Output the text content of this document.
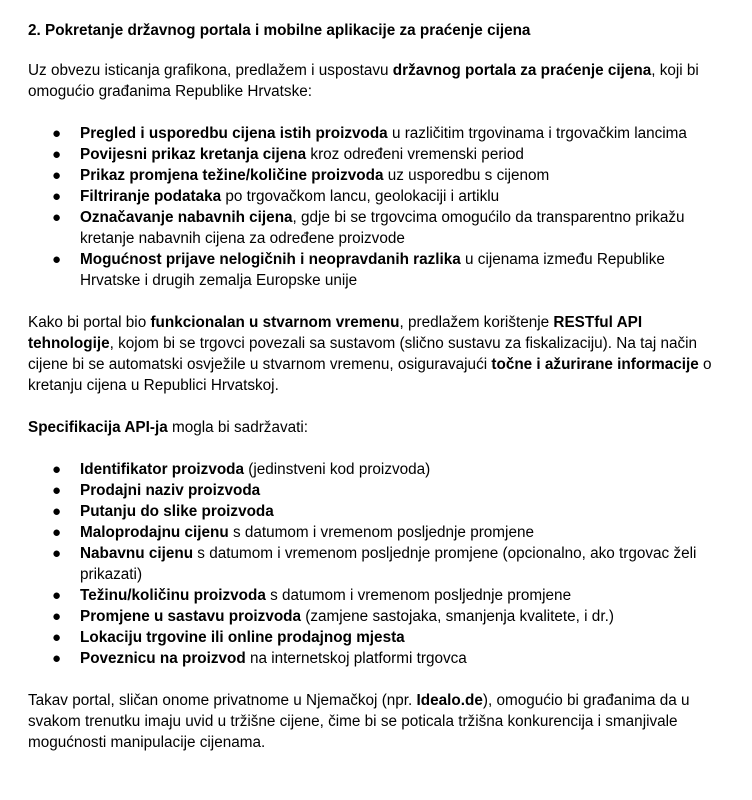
2. Pokretanje državnog portala i mobilne aplikacije za praćenje cijena

Uz obvezu isticanja grafikona, predlažem i uspostavu državnog portala za praćenje cijena, koji bi omogućio građanima Republike Hrvatske:

● Pregled i usporedbu cijena istih proizvoda u različitim trgovinama i trgovačkim lancima
● Povijesni prikaz kretanja cijena kroz određeni vremenski period
● Prikaz promjena težine/količine proizvoda uz usporedbu s cijenom
● Filtriranje podataka po trgovačkom lancu, geolokaciji i artiklu
● Označavanje nabavnih cijena, gdje bi se trgovcima omogućilo da transparentno prikažu kretanje nabavnih cijena za određene proizvode
● Mogućnost prijave nelogičnih i neopravdanih razlika u cijenama između Republike Hrvatske i drugih zemalja Europske unije

Kako bi portal bio funkcionalan u stvarnom vremenu, predlažem korištenje RESTful API tehnologije, kojom bi se trgovci povezali sa sustavom (slično sustavu za fiskalizaciju). Na taj način cijene bi se automatski osvježile u stvarnom vremenu, osiguravajući točne i ažurirane informacije o kretanju cijena u Republici Hrvatskoj.

Specifikacija API-ja mogla bi sadržavati:

● Identifikator proizvoda (jedinstveni kod proizvoda)
● Prodajni naziv proizvoda
● Putanju do slike proizvoda
● Maloprodajnu cijenu s datumom i vremenom posljednje promjene
● Nabavnu cijenu s datumom i vremenom posljednje promjene (opcionalno, ako trgovac želi prikazati)
● Težinu/količinu proizvoda s datumom i vremenom posljednje promjene
● Promjene u sastavu proizvoda (zamjene sastojaka, smanjenja kvalitete, i dr.)
● Lokaciju trgovine ili online prodajnog mjesta
● Poveznicu na proizvod na internetskoj platformi trgovca

Takav portal, sličan onome privatnome u Njemačkoj (npr. Idealo.de), omogućio bi građanima da u svakom trenutku imaju uvid u tržišne cijene, čime bi se poticala tržišna konkurencija i smanjivale mogućnosti manipulacije cijenama.
